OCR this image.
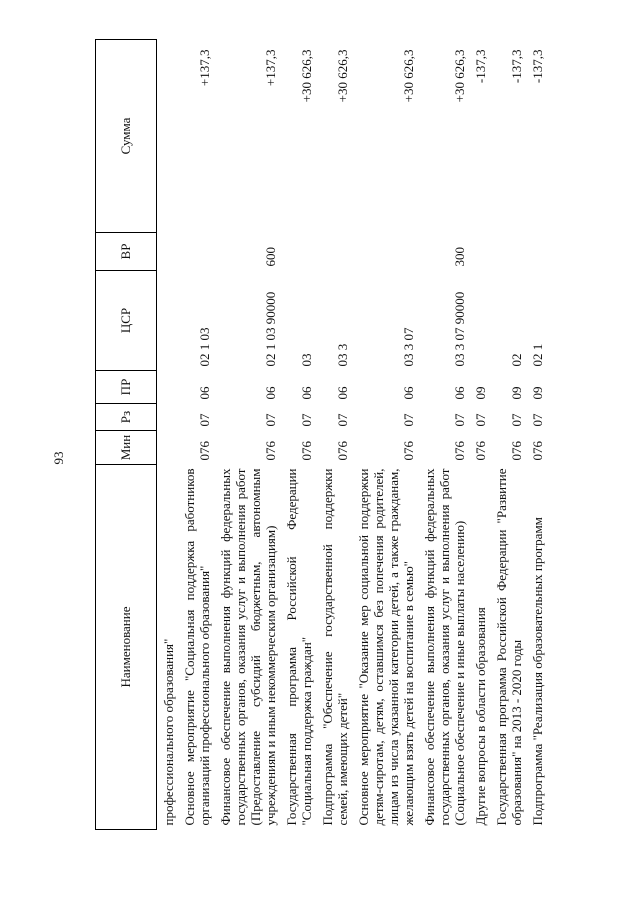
93
Наименование	Мин	Рз	ПР	ЦСР	ВР	Сумма
профессионального образования"						
Основное мероприятие "Социальная поддержка работников организаций профессионального образования"	076	07	06	02 1 03		+137,3
Финансовое обеспечение выполнения функций федеральных государственных органов, оказания услуг и выполнения работ (Предоставление субсидий бюджетным, автономным учреждениям и иным некоммерческим организациям)	076	07	06	02 1 03 90000	600	+137,3
Государственная программа Российской Федерации "Социальная поддержка граждан"	076	07	06	03		+30 626,3
Подпрограмма "Обеспечение государственной поддержки семей, имеющих детей"	076	07	06	03 3		+30 626,3
Основное мероприятие "Оказание мер социальной поддержки детям-сиротам, детям, оставшимся без попечения родителей, лицам из числа указанной категории детей, а также гражданам, желающим взять детей на воспитание в семью"	076	07	06	03 3 07		+30 626,3
Финансовое обеспечение выполнения функций федеральных государственных органов, оказания услуг и выполнения работ (Социальное обеспечение и иные выплаты населению)	076	07	06	03 3 07 90000	300	+30 626,3
Другие вопросы в области образования	076	07	09			-137,3
Государственная программа Российской Федерации "Развитие образования" на 2013 - 2020 годы	076	07	09	02		-137,3
Подпрограмма "Реализация образовательных программ	076	07	09	02 1		-137,3
